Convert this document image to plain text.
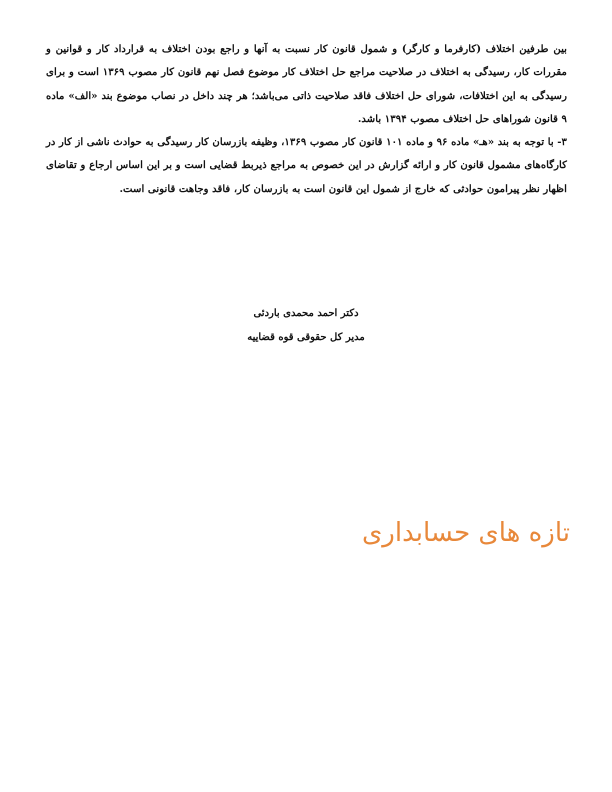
بین طرفین اختلاف (کارفرما و کارگر) و شمول قانون کار نسبت به آنها و راجع بودن اختلاف به قرارداد کار و قوانین و مقررات کار، رسیدگی به اختلاف در صلاحیت مراجع حل اختلاف کار موضوع فصل نهم قانون کار مصوب ۱۳۶۹ است و برای رسیدگی به این اختلافات، شورای حل اختلاف فاقد صلاحیت ذاتی می‌باشد؛ هر چند داخل در نصاب موضوع بند «الف» ماده ۹ قانون شوراهای حل اختلاف مصوب ۱۳۹۴ باشد.

۳- با توجه به بند «هـ» ماده ۹۶ و ماده ۱۰۱ قانون کار مصوب ۱۳۶۹، وظیفه بازرسان کار رسیدگی به حوادث ناشی از کار در کارگاه‌های مشمول قانون کار و ارائه گزارش در این خصوص به مراجع ذیربط قضایی است و بر این اساس ارجاع و تقاضای اظهار نظر پیرامون حوادثی که خارج از شمول این قانون است به بازرسان کار، فاقد وجاهت قانونی است.

دکتر احمد محمدی باردئی
مدیر کل حقوقی قوه قضاییه
تازه های حسابداری
